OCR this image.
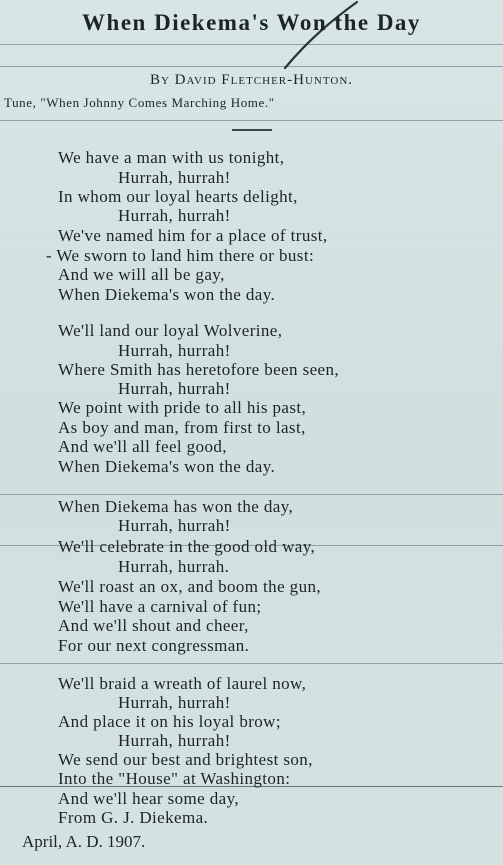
When Diekema's Won the Day
By David Fletcher-Hunton.
Tune, "When Johnny Comes Marching Home."
We have a man with us tonight,
Hurrah, hurrah!
In whom our loyal hearts delight,
Hurrah, hurrah!
We've named him for a place of trust,
- We sworn to land him there or bust:
And we will all be gay,
When Diekema's won the day.
We'll land our loyal Wolverine,
Hurrah, hurrah!
Where Smith has heretofore been seen,
Hurrah, hurrah!
We point with pride to all his past,
As boy and man, from first to last,
And we'll all feel good,
When Diekema's won the day.
When Diekema has won the day,
Hurrah, hurrah!
We'll celebrate in the good old way,
Hurrah, hurrah.
We'll roast an ox, and boom the gun,
We'll have a carnival of fun;
And we'll shout and cheer,
For our next congressman.
We'll braid a wreath of laurel now,
Hurrah, hurrah!
And place it on his loyal brow;
Hurrah, hurrah!
We send our best and brightest son,
Into the "House" at Washington:
And we'll hear some day,
From G. J. Diekema.
April, A. D. 1907.
